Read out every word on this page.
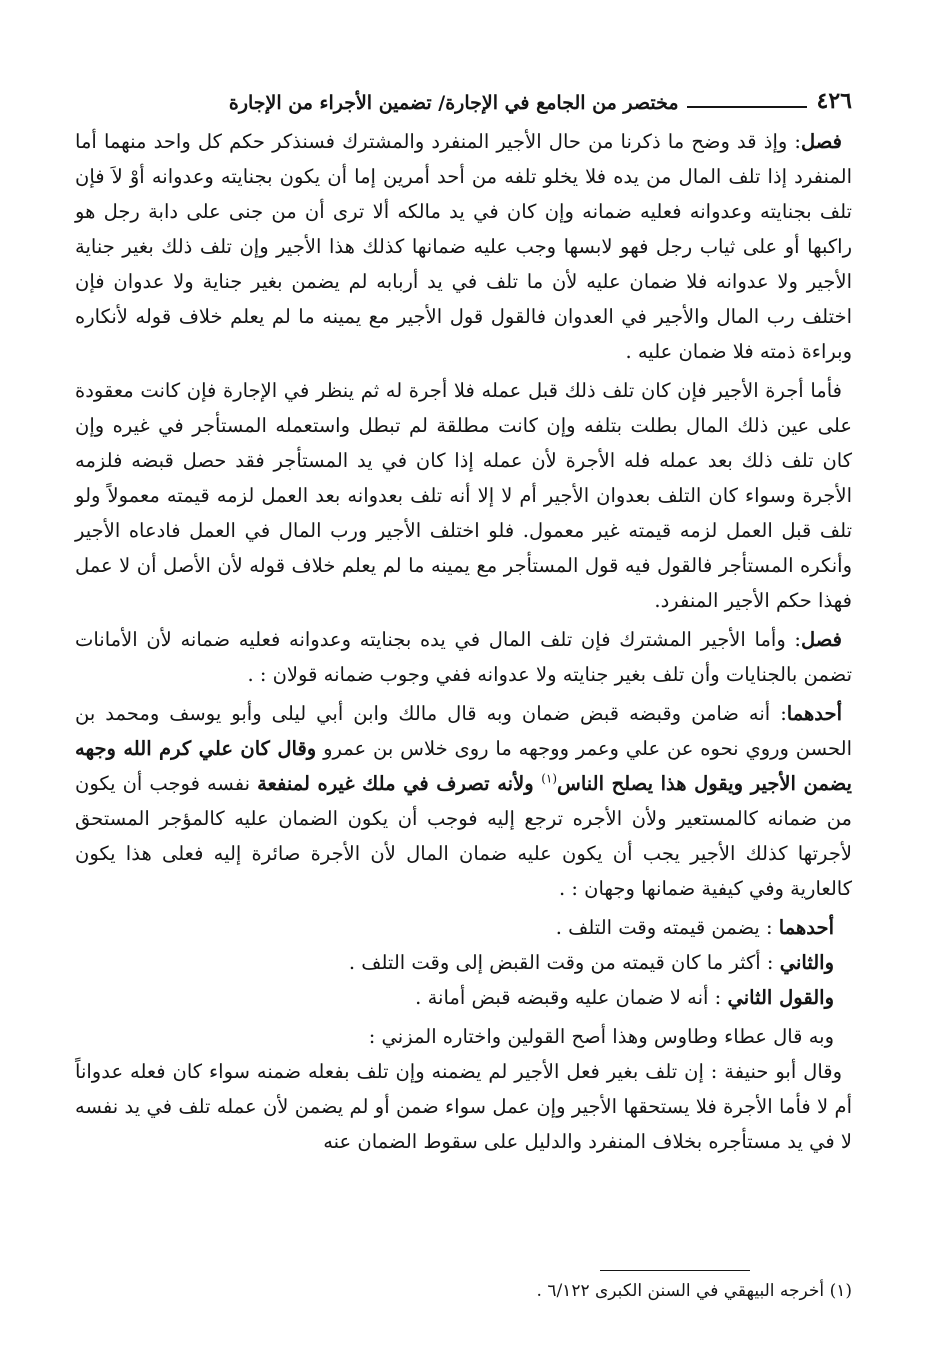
٤٢٦
مختصر من الجامع في الإجارة/ تضمين الأجراء من الإجارة

فصل: وإذ قد وضح ما ذكرنا من حال الأجير المنفرد والمشترك فسنذكر حكم كل واحد منهما أما المنفرد إذا تلف المال من يده فلا يخلو تلفه من أحد أمرين إما أن يكون بجنايته وعدوانه أوْ لاَ فإن تلف بجنايته وعدوانه فعليه ضمانه وإن كان في يد مالكه ألا ترى أن من جنى على دابة رجل هو راكبها أو على ثياب رجل فهو لابسها وجب عليه ضمانها كذلك هذا الأجير وإن تلف ذلك بغير جناية الأجير ولا عدوانه فلا ضمان عليه لأن ما تلف في يد أربابه لم يضمن بغير جناية ولا عدوان فإن اختلف رب المال والأجير في العدوان فالقول قول الأجير مع يمينه ما لم يعلم خلاف قوله لأنكاره وبراءة ذمته فلا ضمان عليه .

فأما أجرة الأجير فإن كان تلف ذلك قبل عمله فلا أجرة له ثم ينظر في الإجارة فإن كانت معقودة على عين ذلك المال بطلت بتلفه وإن كانت مطلقة لم تبطل واستعمله المستأجر في غيره وإن كان تلف ذلك بعد عمله فله الأجرة لأن عمله إذا كان في يد المستأجر فقد حصل قبضه فلزمه الأجرة وسواء كان التلف بعدوان الأجير أم لا إلا أنه تلف بعدوانه بعد العمل لزمه قيمته معمولاً ولو تلف قبل العمل لزمه قيمته غير معمول. فلو اختلف الأجير ورب المال في العمل فادعاه الأجير وأنكره المستأجر فالقول فيه قول المستأجر مع يمينه ما لم يعلم خلاف قوله لأن الأصل أن لا عمل فهذا حكم الأجير المنفرد.

فصل: وأما الأجير المشترك فإن تلف المال في يده بجنايته وعدوانه فعليه ضمانه لأن الأمانات تضمن بالجنايات وأن تلف بغير جنايته ولا عدوانه ففي وجوب ضمانه قولان : .

أحدهما: أنه ضامن وقبضه قبض ضمان وبه قال مالك وابن أبي ليلى وأبو يوسف ومحمد بن الحسن وروي نحوه عن علي وعمر ووجهه ما روى خلاس بن عمرو وقال كان علي كرم الله وجهه يضمن الأجير ويقول هذا يصلح الناس$^{(١)}$ ولأنه تصرف في ملك غيره لمنفعة نفسه فوجب أن يكون من ضمانه كالمستعير ولأن الأجره ترجع إليه فوجب أن يكون الضمان عليه كالمؤجر المستحق لأجرتها كذلك الأجير يجب أن يكون عليه ضمان المال لأن الأجرة صائرة إليه فعلى هذا يكون كالعارية وفي كيفية ضمانها وجهان : .

أحدهما : يضمن قيمته وقت التلف .

والثاني : أكثر ما كان قيمته من وقت القبض إلى وقت التلف .

والقول الثاني : أنه لا ضمان عليه وقبضه قبض أمانة .

وبه قال عطاء وطاوس وهذا أصح القولين واختاره المزني :

وقال أبو حنيفة : إن تلف بغير فعل الأجير لم يضمنه وإن تلف بفعله ضمنه سواء كان فعله عدواناً أم لا فأما الأجرة فلا يستحقها الأجير وإن عمل سواء ضمن أو لم يضمن لأن عمله تلف في يد نفسه لا في يد مستأجره بخلاف المنفرد والدليل على سقوط الضمان عنه

(١) أخرجه البيهقي في السنن الكبرى ٦/١٢٢ .
